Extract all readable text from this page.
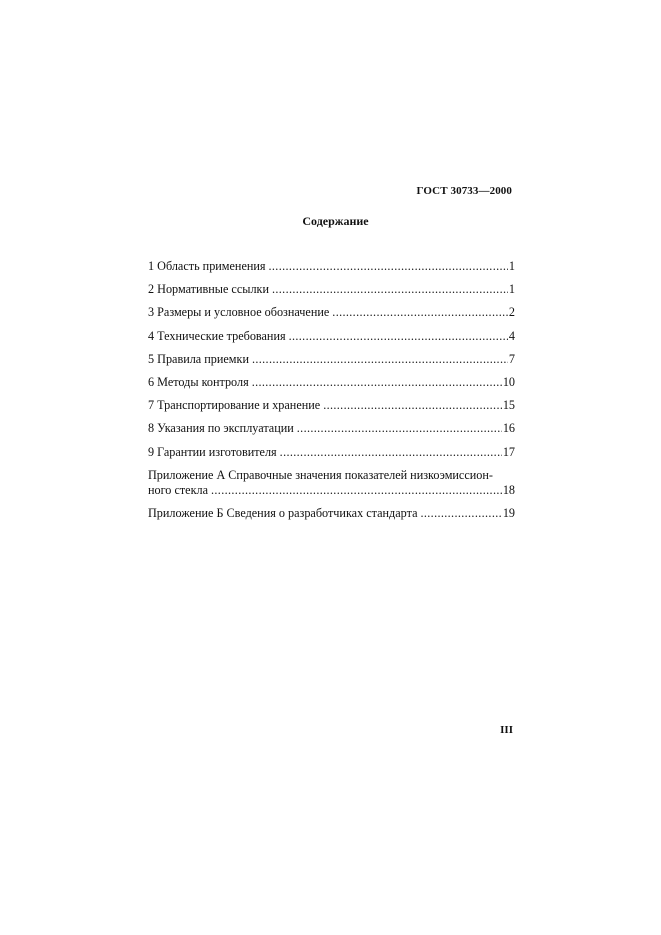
ГОСТ 30733—2000
Содержание
1 Область применения .....	1
2 Нормативные ссылки .....	1
3 Размеры и условное обозначение .....	2
4 Технические требования .....	4
5 Правила приемки .....	7
6 Методы контроля .....	10
7 Транспортирование и хранение .....	15
8 Указания по эксплуатации .....	16
9 Гарантии изготовителя .....	17
Приложение А Справочные значения показателей низкоэмиссион-
ного стекла .....	18
Приложение Б Сведения о разработчиках стандарта .....	19
III
